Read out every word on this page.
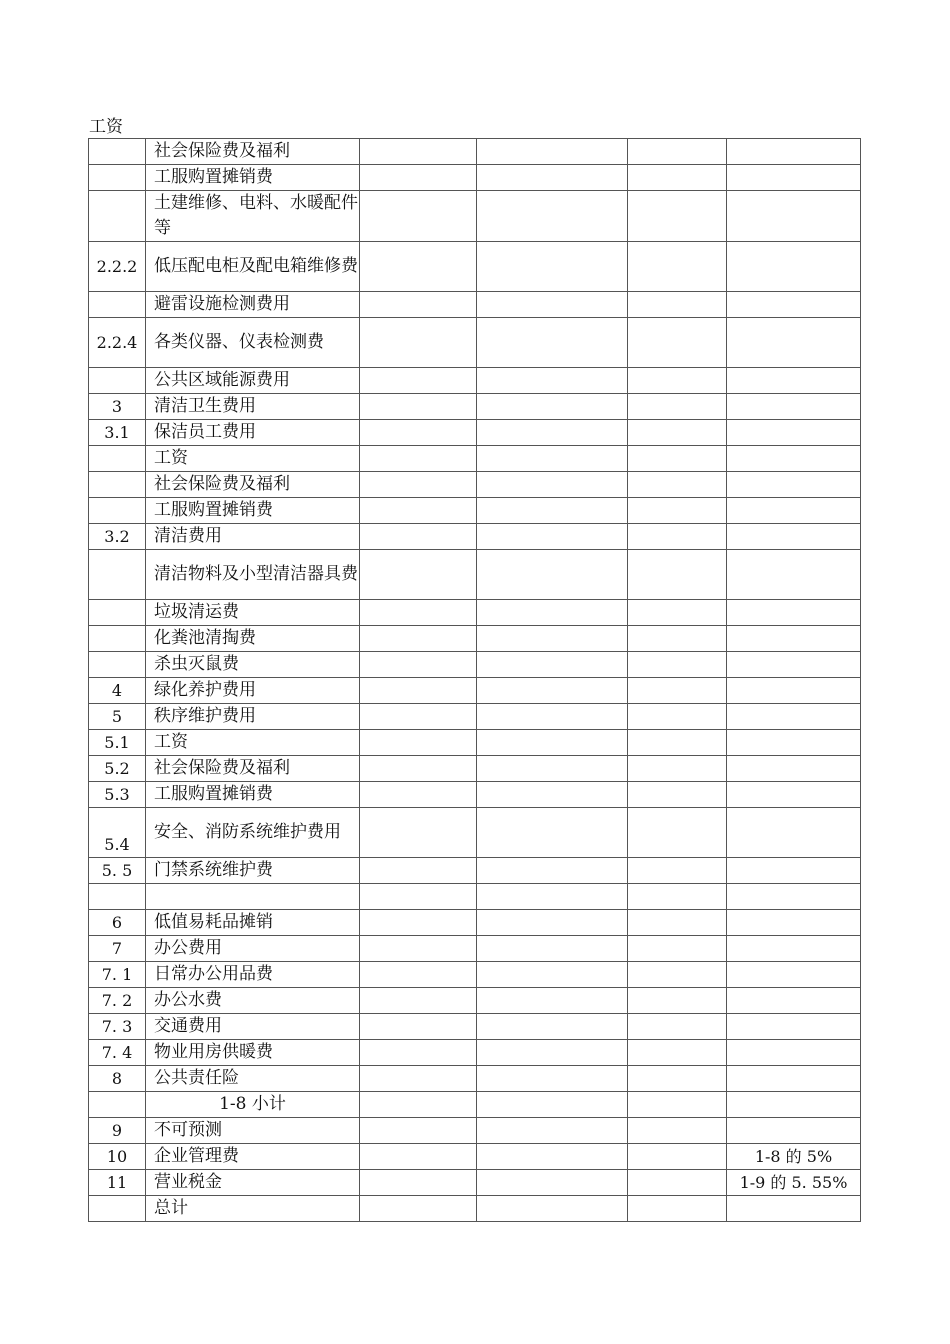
工资
	社会保险费及福利				
	工服购置摊销费				
	土建维修、电料、水暖配件等				
2.2.2	低压配电柜及配电箱维修费				
	避雷设施检测费用				
2.2.4	各类仪器、仪表检测费				
	公共区域能源费用				
3	清洁卫生费用				
3.1	保洁员工费用				
	工资				
	社会保险费及福利				
	工服购置摊销费				
3.2	清洁费用				
	清洁物料及小型清洁器具费				
	垃圾清运费				
	化粪池清掏费				
	杀虫灭鼠费				
4	绿化养护费用				
5	秩序维护费用				
5.1	工资				
5.2	社会保险费及福利				
5.3	工服购置摊销费				
5.4	安全、消防系统维护费用				
5. 5	门禁系统维护费				

6	低值易耗品摊销				
7	办公费用				
7. 1	日常办公用品费				
7. 2	办公水费				
7. 3	交通费用				
7. 4	物业用房供暖费				
8	公共责任险				
	1-8 小计				
9	不可预测				
10	企业管理费				1-8 的 5%
11	营业税金				1-9 的 5. 55%
	总计				
